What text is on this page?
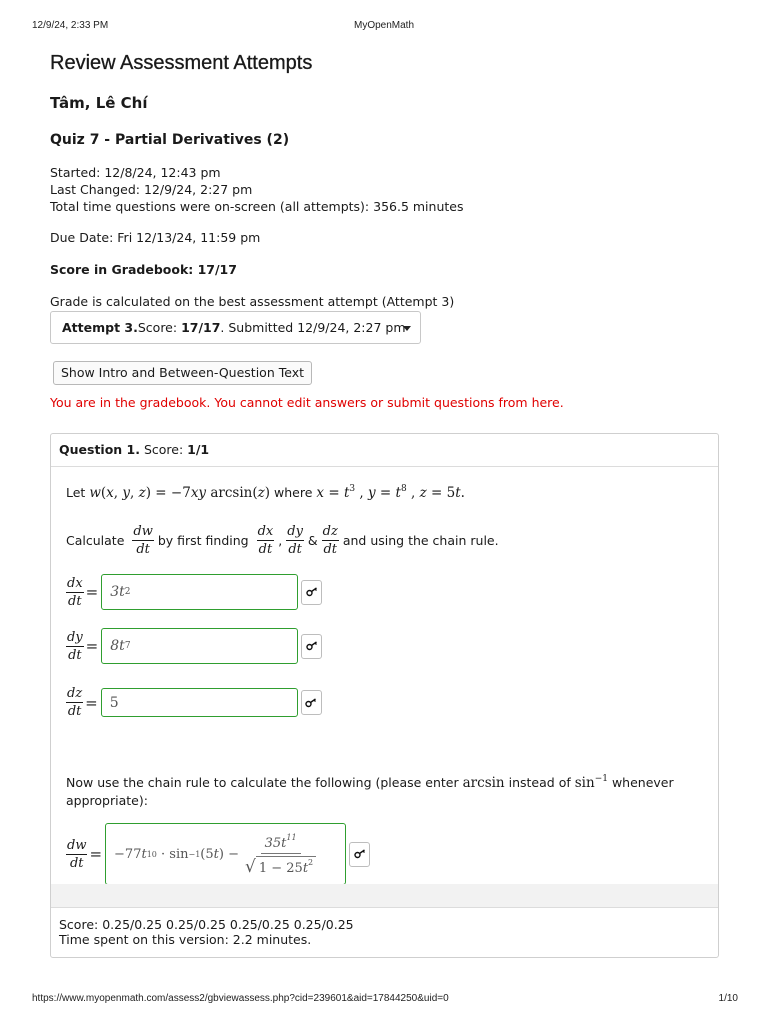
12/9/24, 2:33 PM	MyOpenMath
Review Assessment Attempts
Tâm, Lê Chí
Quiz 7 - Partial Derivatives (2)
Started: 12/8/24, 12:43 pm
Last Changed: 12/9/24, 2:27 pm
Total time questions were on-screen (all attempts): 356.5 minutes
Due Date: Fri 12/13/24, 11:59 pm
Score in Gradebook: 17/17
Grade is calculated on the best assessment attempt (Attempt 3)
Attempt 3.Score: 17/17. Submitted 12/9/24, 2:27 pm
Show Intro and Between-Question Text
You are in the gradebook. You cannot edit answers or submit questions from here.
Question 1. Score: 1/1
Let w(x, y, z) = −7xy arcsin(z) where $x = t^3$ , $y = t^8$ , z = 5t.
Calculate $\frac{dw}{dt}$ by first finding $\frac{dx}{dt}$ , $\frac{dy}{dt}$ & $\frac{dz}{dt}$ and using the chain rule.
$\frac{dx}{dt} = 3$ t 2
$\frac{dy}{dt} = 8$ t 7
$\frac{dz}{dt} = 5$
Now use the chain rule to calculate the following (please enter arcsin instead of $\sin^{-1}$ whenever appropriate):
$\frac{dw}{dt} = -77$ t 10 · sin −1 (5 t ) − $\frac{35t^{11}}{√ 1 - 25t^2}$
Score: 0.25/0.25 0.25/0.25 0.25/0.25 0.25/0.25
Time spent on this version: 2.2 minutes.
https://www.myopenmath.com/assess2/gbviewassess.php?cid=239601&aid=17844250&uid=0	1/10
